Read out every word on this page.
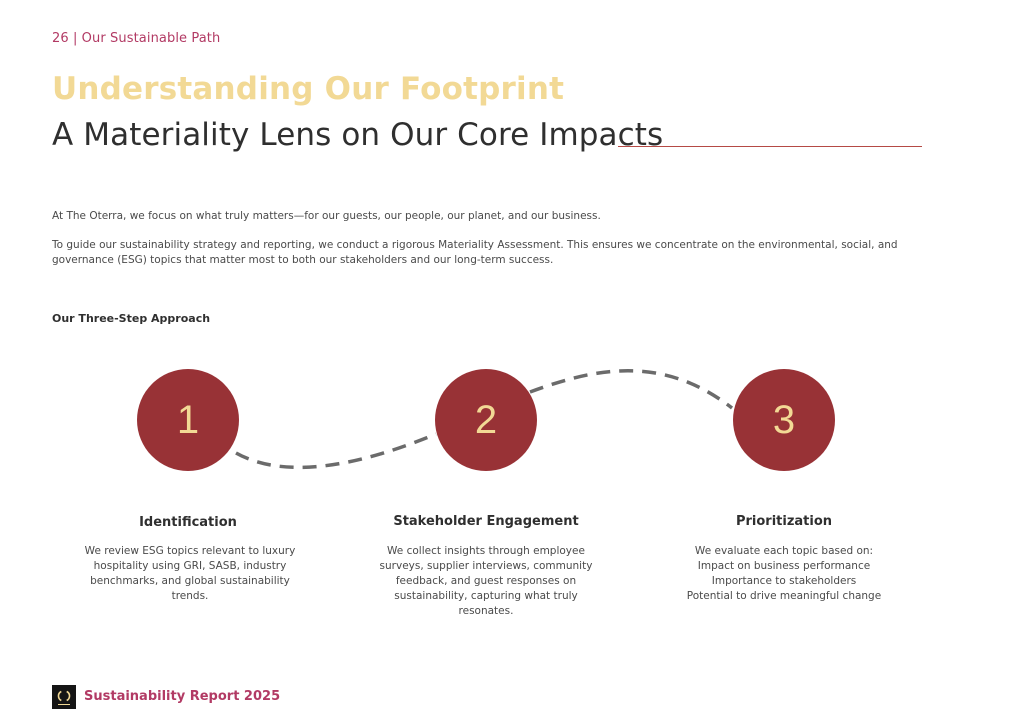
26 | Our Sustainable Path
Understanding Our Footprint
A Materiality Lens on Our Core Impacts

At The Oterra, we focus on what truly matters—for our guests, our people, our planet, and our business.

To guide our sustainability strategy and reporting, we conduct a rigorous Materiality Assessment. This ensures we concentrate on the environmental, social, and governance (ESG) topics that matter most to both our stakeholders and our long-term success.

Our Three-Step Approach
1	2	3
Identification	Stakeholder Engagement	Prioritization

We review ESG topics relevant to luxury hospitality using GRI, SASB, industry benchmarks, and global sustainability trends.

We collect insights through employee surveys, supplier interviews, community feedback, and guest responses on sustainability, capturing what truly resonates.

We evaluate each topic based on:
Impact on business performance
Importance to stakeholders
Potential to drive meaningful change

Sustainability Report 2025
